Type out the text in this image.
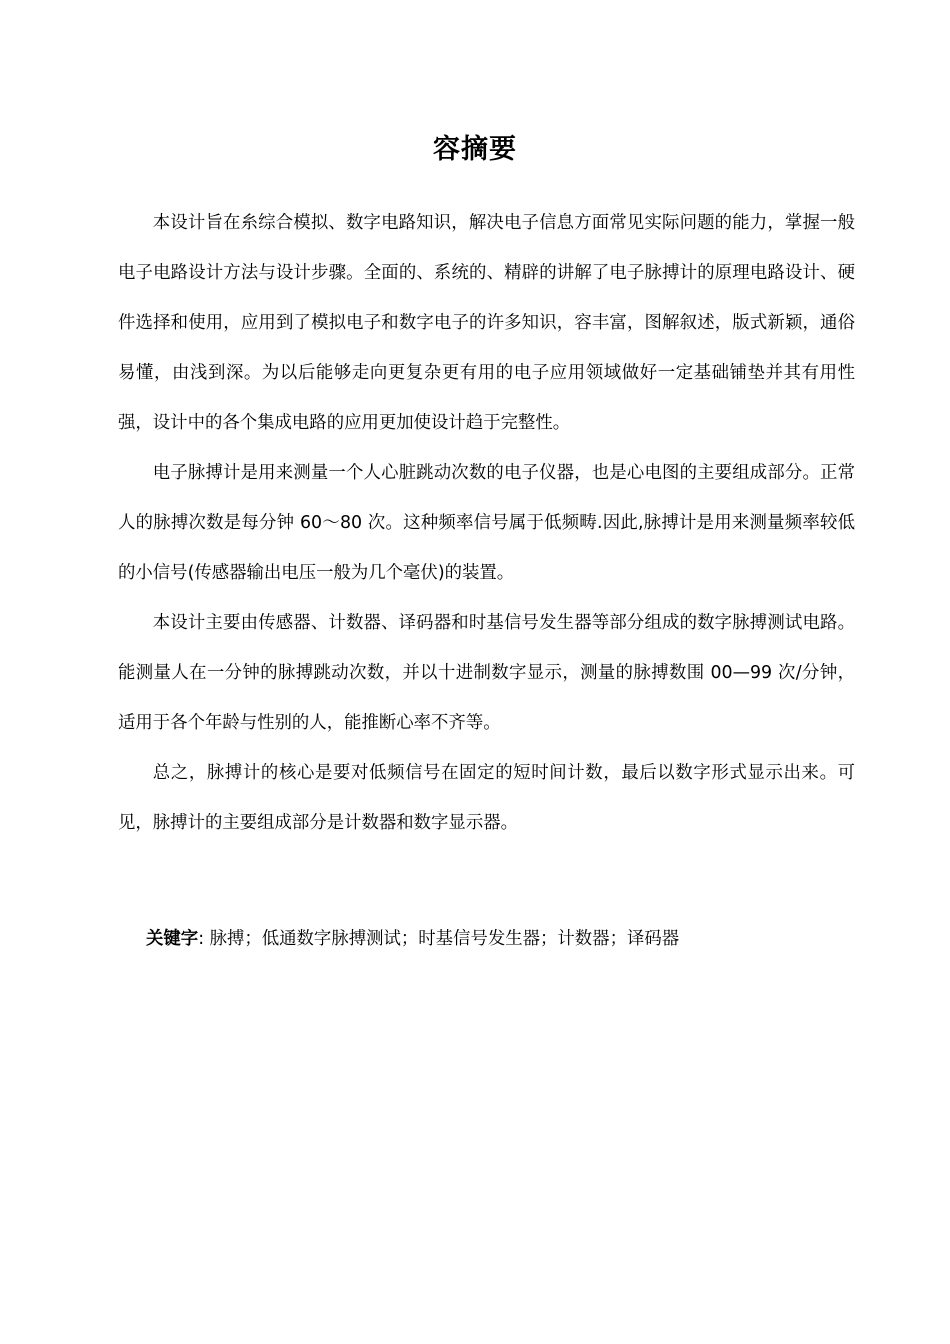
容摘要

本设计旨在糸综合模拟、数字电路知识，解决电子信息方面常见实际问题的能力，掌握一般电子电路设计方法与设计步骤。全面的、系统的、精辟的讲解了电子脉搏计的原理电路设计、硬件选择和使用，应用到了模拟电子和数字电子的许多知识，容丰富，图解叙述，版式新颖，通俗易懂，由浅到深。为以后能够走向更复杂更有用的电子应用领域做好一定基础铺垫并其有用性强，设计中的各个集成电路的应用更加使设计趋于完整性。

电子脉搏计是用来测量一个人心脏跳动次数的电子仪器，也是心电图的主要组成部分。正常人的脉搏次数是每分钟 60～80 次。这种频率信号属于低频畴.因此,脉搏计是用来测量频率较低的小信号(传感器输出电压一般为几个毫伏)的装置。

本设计主要由传感器、计数器、译码器和时基信号发生器等部分组成的数字脉搏测试电路。能测量人在一分钟的脉搏跳动次数，并以十进制数字显示，测量的脉搏数围 00—99 次/分钟，适用于各个年龄与性别的人，能推断心率不齐等。

总之，脉搏计的核心是要对低频信号在固定的短时间计数，最后以数字形式显示出来。可见，脉搏计的主要组成部分是计数器和数字显示器。

关键字: 脉搏；低通数字脉搏测试；时基信号发生器；计数器；译码器
